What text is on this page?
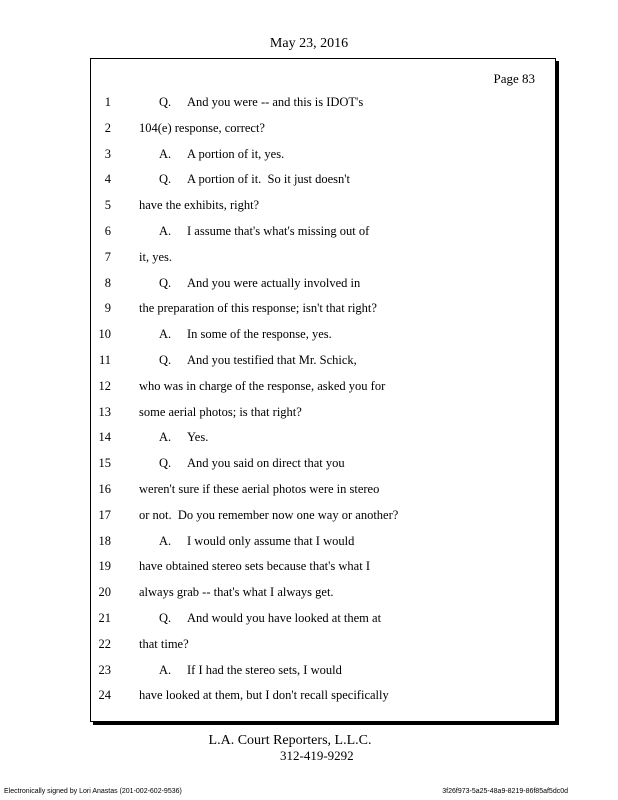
May 23, 2016
Page 83
1	Q. And you were -- and this is IDOT's
2 104(e) response, correct?
3	A. A portion of it, yes.
4	Q. A portion of it.  So it just doesn't
5 have the exhibits, right?
6	A. I assume that's what's missing out of
7 it, yes.
8	Q. And you were actually involved in
9 the preparation of this response; isn't that right?
10	A. In some of the response, yes.
11	Q. And you testified that Mr. Schick,
12 who was in charge of the response, asked you for
13 some aerial photos; is that right?
14	A. Yes.
15	Q. And you said on direct that you
16 weren't sure if these aerial photos were in stereo
17 or not.  Do you remember now one way or another?
18	A. I would only assume that I would
19 have obtained stereo sets because that's what I
20 always grab -- that's what I always get.
21	Q. And would you have looked at them at
22 that time?
23	A. If I had the stereo sets, I would
24 have looked at them, but I don't recall specifically
L.A. Court Reporters, L.L.C.
312-419-9292
Electronically signed by Lori Anastas (201-002-602-9536)	3f26f973-5a25-48a9-8219-86f85af5dc0d
